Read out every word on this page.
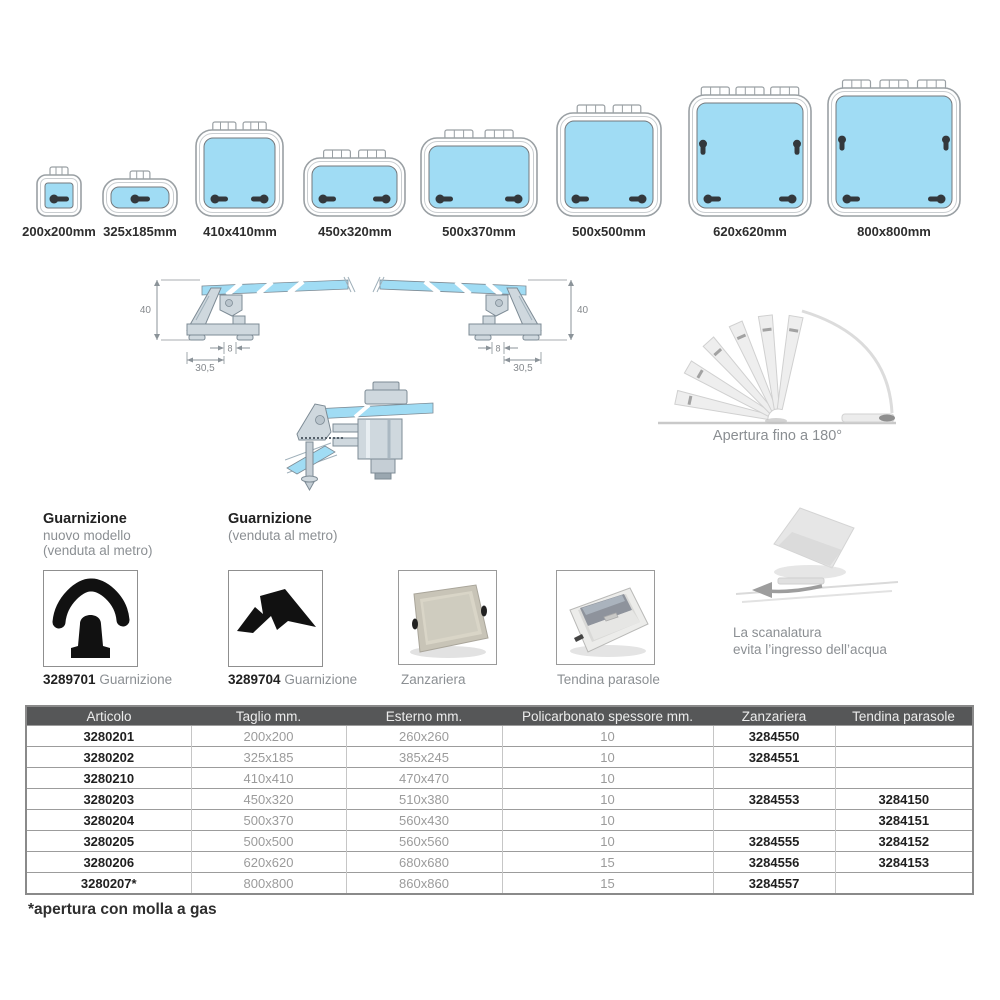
200x200mm 325x185mm 410x410mm	450x320mm	500x370mm	500x500mm	620x620mm	800x800mm
40	40
8	8
30,5	30,5
Apertura fino a 180°
Guarnizione
nuovo modello
(venduta al metro)
3289701 Guarnizione
Guarnizione
(venduta al metro)
3289704 Guarnizione	Zanzariera	Tendina parasole
La scanalatura
evita l’ingresso dell’acqua
Articolo	Taglio mm.	Esterno mm.	Policarbonato spessore mm.	Zanzariera	Tendina parasole
3280201	200x200	260x260	10	3284550	
3280202	325x185	385x245	10	3284551	
3280210	410x410	470x470	10		
3280203	450x320	510x380	10	3284553	3284150
3280204	500x370	560x430	10		3284151
3280205	500x500	560x560	10	3284555	3284152
3280206	620x620	680x680	15	3284556	3284153
3280207*	800x800	860x860	15	3284557	
*apertura con molla a gas
